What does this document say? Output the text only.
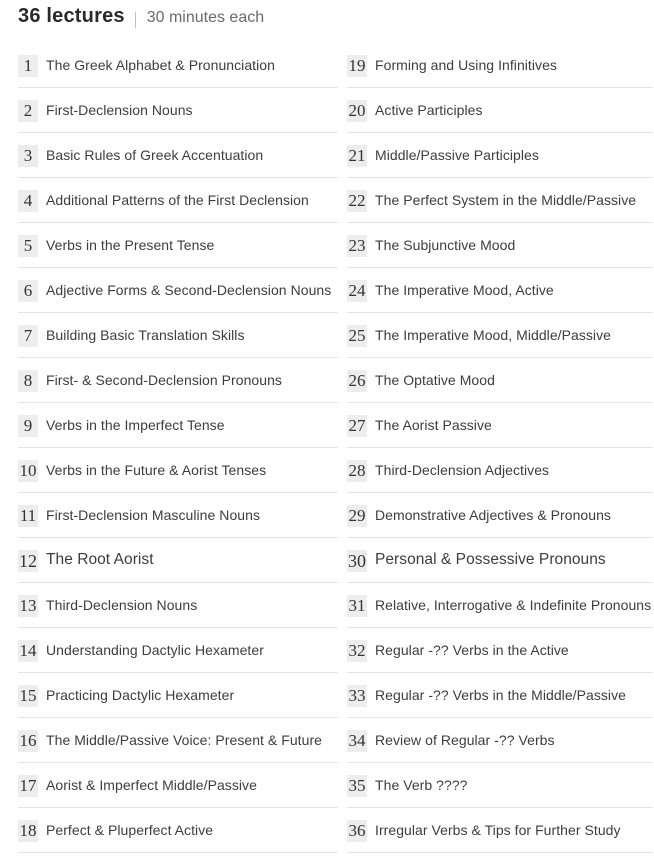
36 lectures 30 minutes each
1 The Greek Alphabet & Pronunciation
2 First-Declension Nouns
3 Basic Rules of Greek Accentuation
4 Additional Patterns of the First Declension
5 Verbs in the Present Tense
6 Adjective Forms & Second-Declension Nouns
7 Building Basic Translation Skills
8 First- & Second-Declension Pronouns
9 Verbs in the Imperfect Tense
10 Verbs in the Future & Aorist Tenses
11 First-Declension Masculine Nouns
12 The Root Aorist
13 Third-Declension Nouns
14 Understanding Dactylic Hexameter
15 Practicing Dactylic Hexameter
16 The Middle/Passive Voice: Present & Future
17 Aorist & Imperfect Middle/Passive
18 Perfect & Pluperfect Active
19 Forming and Using Infinitives
20 Active Participles
21 Middle/Passive Participles
22 The Perfect System in the Middle/Passive
23 The Subjunctive Mood
24 The Imperative Mood, Active
25 The Imperative Mood, Middle/Passive
26 The Optative Mood
27 The Aorist Passive
28 Third-Declension Adjectives
29 Demonstrative Adjectives & Pronouns
30 Personal & Possessive Pronouns
31 Relative, Interrogative & Indefinite Pronouns
32 Regular -?? Verbs in the Active
33 Regular -?? Verbs in the Middle/Passive
34 Review of Regular -?? Verbs
35 The Verb ????
36 Irregular Verbs & Tips for Further Study
